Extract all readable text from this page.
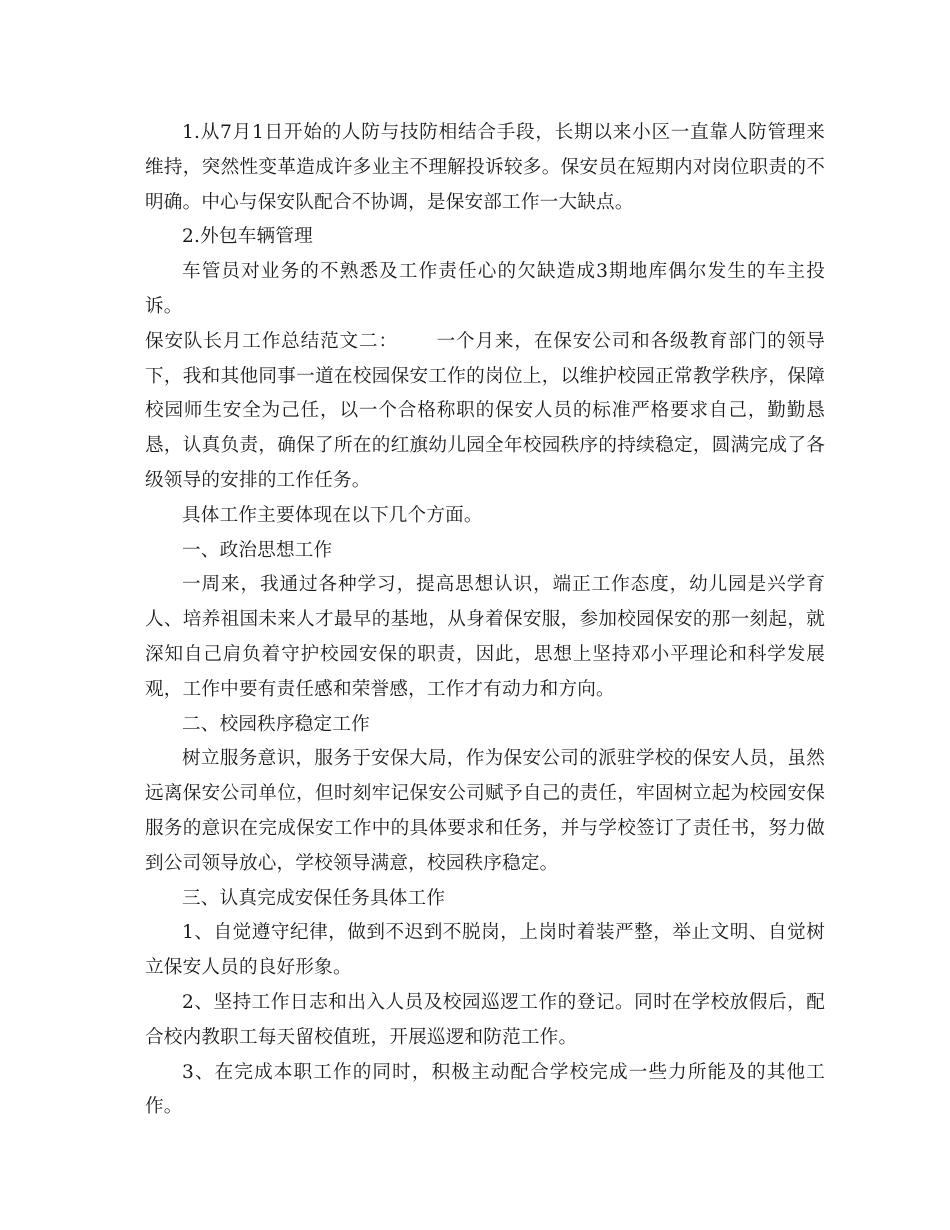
1.从7月1日开始的人防与技防相结合手段，长期以来小区一直靠人防管理来维持，突然性变革造成许多业主不理解投诉较多。保安员在短期内对岗位职责的不明确。中心与保安队配合不协调，是保安部工作一大缺点。

2.外包车辆管理

车管员对业务的不熟悉及工作责任心的欠缺造成3期地库偶尔发生的车主投诉。

保安队长月工作总结范文二： 一个月来，在保安公司和各级教育部门的领导下，我和其他同事一道在校园保安工作的岗位上，以维护校园正常教学秩序，保障校园师生安全为己任，以一个合格称职的保安人员的标准严格要求自己，勤勤恳恳，认真负责，确保了所在的红旗幼儿园全年校园秩序的持续稳定，圆满完成了各级领导的安排的工作任务。

具体工作主要体现在以下几个方面。

一、政治思想工作

一周来，我通过各种学习，提高思想认识，端正工作态度，幼儿园是兴学育人、培养祖国未来人才最早的基地，从身着保安服，参加校园保安的那一刻起，就深知自己肩负着守护校园安保的职责，因此，思想上坚持邓小平理论和科学发展观，工作中要有责任感和荣誉感，工作才有动力和方向。

二、校园秩序稳定工作

树立服务意识，服务于安保大局，作为保安公司的派驻学校的保安人员，虽然远离保安公司单位，但时刻牢记保安公司赋予自己的责任，牢固树立起为校园安保服务的意识在完成保安工作中的具体要求和任务，并与学校签订了责任书，努力做到公司领导放心，学校领导满意，校园秩序稳定。

三、认真完成安保任务具体工作

1、自觉遵守纪律，做到不迟到不脱岗，上岗时着装严整，举止文明、自觉树立保安人员的良好形象。

2、坚持工作日志和出入人员及校园巡逻工作的登记。同时在学校放假后，配合校内教职工每天留校值班，开展巡逻和防范工作。

3、在完成本职工作的同时，积极主动配合学校完成一些力所能及的其他工作。
